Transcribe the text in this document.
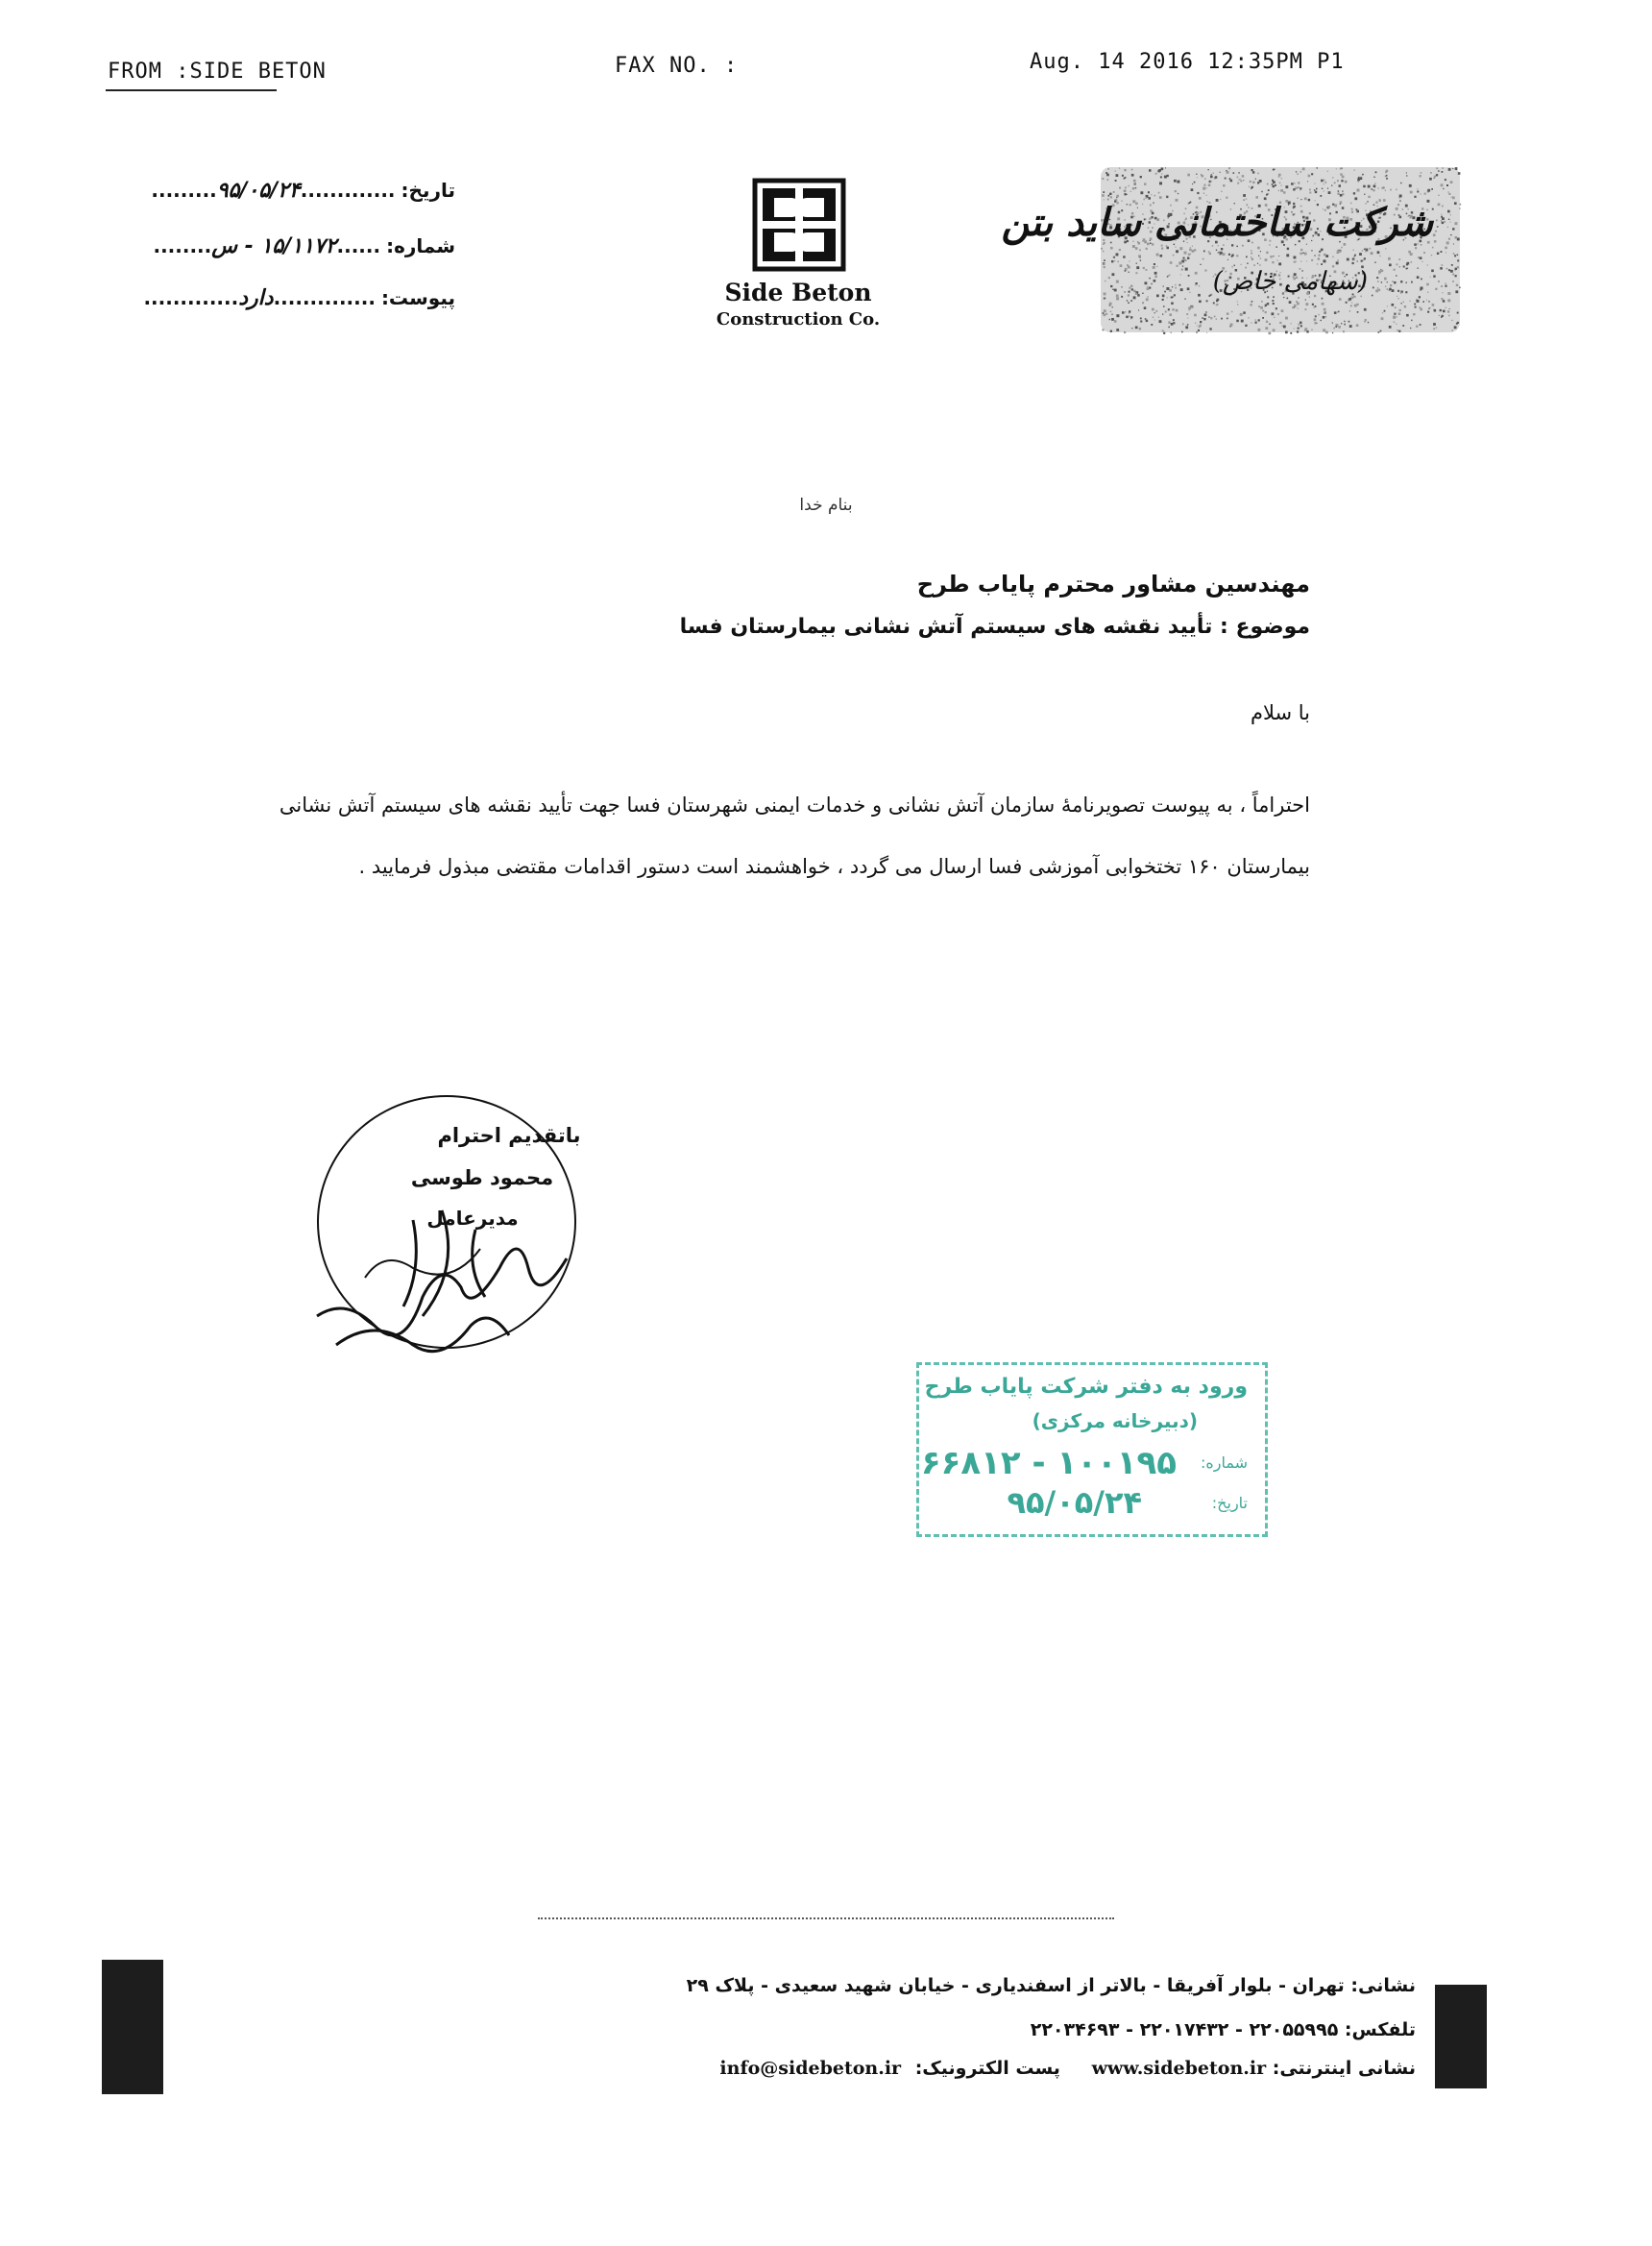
FROM :SIDE BETON	FAX NO. :	Aug. 14 2016 12:35PM P1
تاریخ:.............۹۵/۰۵/۲۴.........
شماره:......۱۵/۱۱۷۲ - س........
پیوست:..............دارد.............	Side Beton
Construction Co.
شرکت ساختمانی ساید بتن
(سهامی خاص)
بنام خدا
مهندسین مشاور محترم پایاب طرح
موضوع : تأیید نقشه های سیستم آتش نشانی بیمارستان فسا
با سلام
احتراماً ، به پیوست تصویرنامهٔ سازمان آتش نشانی و خدمات ایمنی شهرستان فسا جهت تأیید نقشه های سیستم آتش نشانی بیمارستان ۱۶۰ تختخوابی آموزشی فسا ارسال می گردد ، خواهشمند است دستور اقدامات مقتضی مبذول فرمایید .
باتقدیم احترام
محمود طوسی
مدیرعامل
ورود به دفتر شرکت پایاب طرح
(دبیرخانه مرکزی)
شماره:
۱۰۰۱۹۵ - ۶۶۸۱۲
تاریخ:
۹۵/۰۵/۲۴
نشانی: تهران - بلوار آفریقا - بالاتر از اسفندیاری - خیابان شهید سعیدی - پلاک ۲۹
تلفکس: ۲۲۰۵۵۹۹۵ - ۲۲۰۱۷۴۳۲ - ۲۲۰۳۴۶۹۳
نشانی اینترنتی: www.sidebeton.ir پست الکترونیک: info@sidebeton.ir
